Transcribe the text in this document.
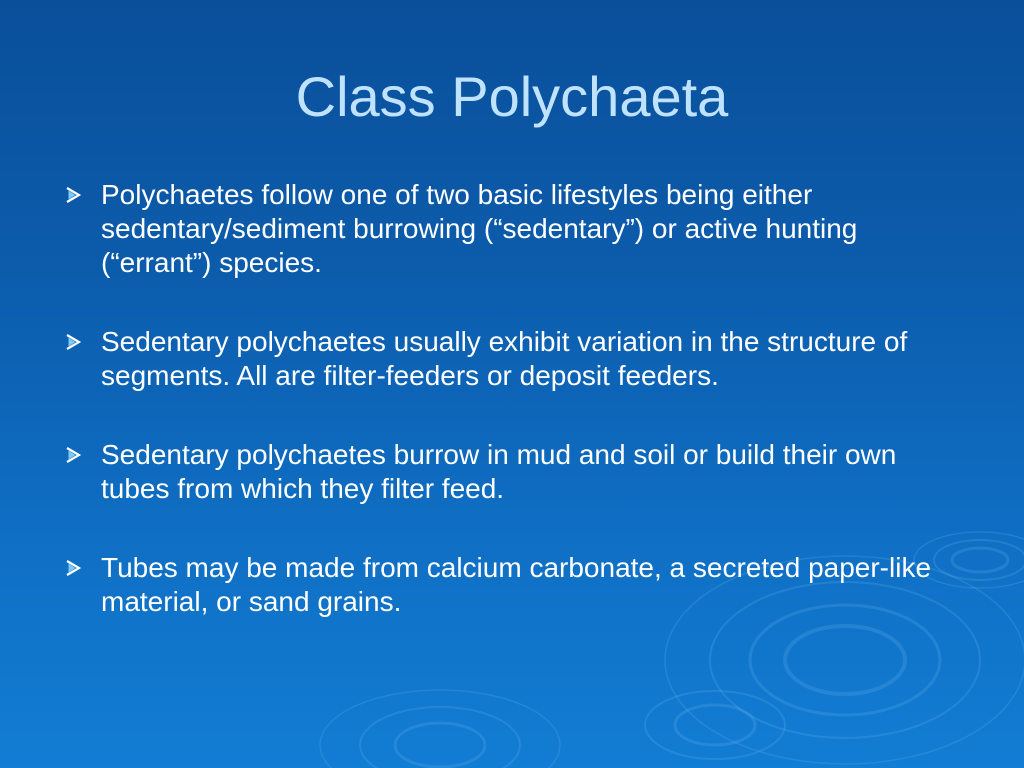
Class Polychaeta
Polychaetes follow one of two basic lifestyles being either sedentary/sediment burrowing (“sedentary”) or active hunting (“errant”) species.
Sedentary polychaetes usually exhibit variation in the structure of segments. All are filter-feeders or deposit feeders.
Sedentary polychaetes burrow in mud and soil or build their own tubes from which they filter feed.
Tubes may be made from calcium carbonate, a secreted paper-like material, or sand grains.
